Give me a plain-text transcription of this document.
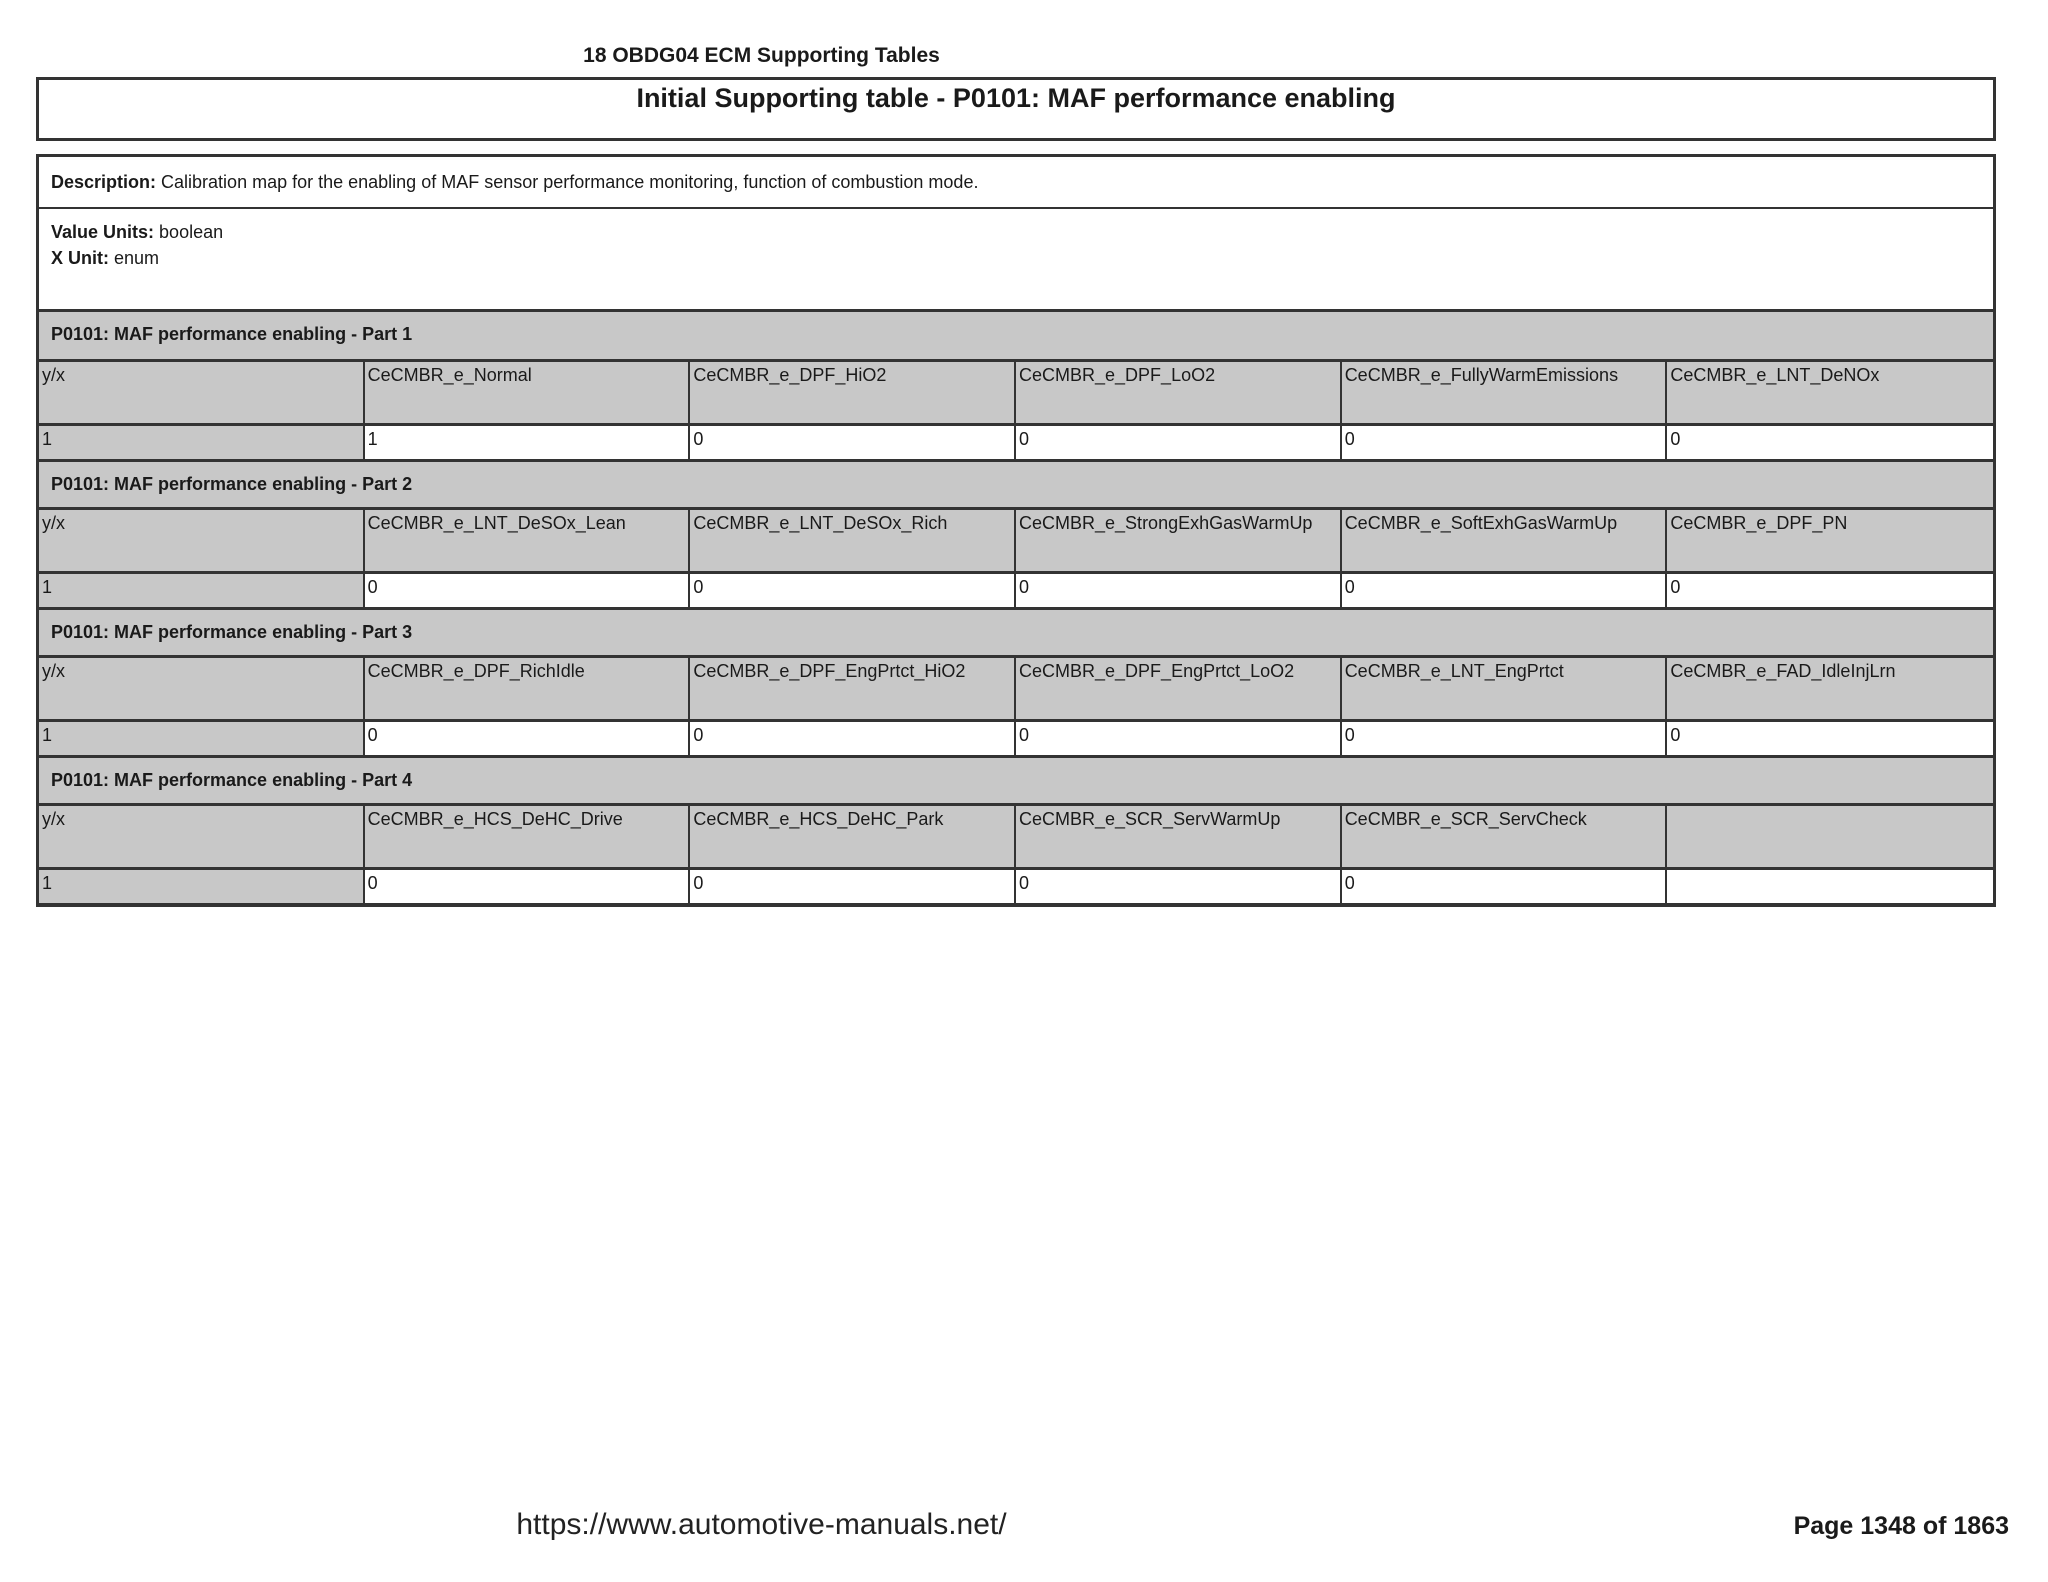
18 OBDG04 ECM Supporting Tables
Initial Supporting table - P0101: MAF performance enabling
Description: Calibration map for the enabling of MAF sensor performance monitoring, function of combustion mode.
Value Units: boolean
X Unit: enum
P0101: MAF performance enabling - Part 1
y/x	CeCMBR_e_Normal	CeCMBR_e_DPF_HiO2	CeCMBR_e_DPF_LoO2	CeCMBR_e_FullyWarmEmissions	CeCMBR_e_LNT_DeNOx
1	1	0	0	0	0
P0101: MAF performance enabling - Part 2
y/x	CeCMBR_e_LNT_DeSOx_Lean	CeCMBR_e_LNT_DeSOx_Rich	CeCMBR_e_StrongExhGasWarmUp	CeCMBR_e_SoftExhGasWarmUp	CeCMBR_e_DPF_PN
1	0	0	0	0	0
P0101: MAF performance enabling - Part 3
y/x	CeCMBR_e_DPF_RichIdle	CeCMBR_e_DPF_EngPrtct_HiO2	CeCMBR_e_DPF_EngPrtct_LoO2	CeCMBR_e_LNT_EngPrtct	CeCMBR_e_FAD_IdleInjLrn
1	0	0	0	0	0
P0101: MAF performance enabling - Part 4
y/x	CeCMBR_e_HCS_DeHC_Drive	CeCMBR_e_HCS_DeHC_Park	CeCMBR_e_SCR_ServWarmUp	CeCMBR_e_SCR_ServCheck
1	0	0	0	0
https://www.automotive-manuals.net/	Page 1348 of 1863
